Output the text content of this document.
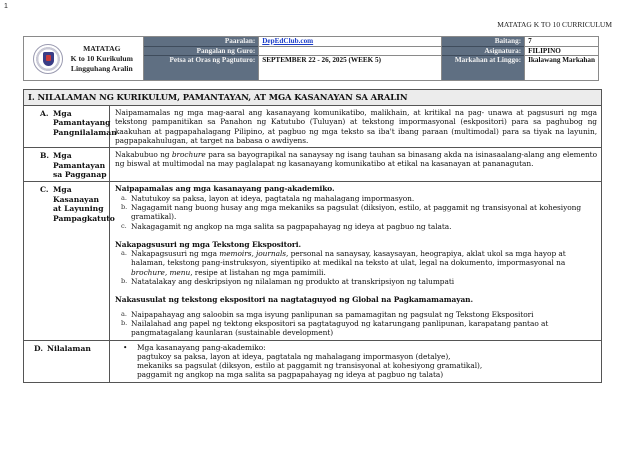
1
MATATAG K TO 10 CURRICULUM
MATATAG
K to 10 Kurikulum
Lingguhang Aralin
Paaralan:
Pangalan ng Guro:
Petsa at Oras ng Pagtuturo:
DepEdClub.com
SEPTEMBER 22 - 26, 2025 (WEEK 5)
Baitang:
Asignatura:
Markahan at Linggo:
7
FILIPINO
Ikalawang Markahan
I. NILALAMAN NG KURIKULUM, PAMANTAYAN, AT MGA KASANAYAN SA ARALIN
A. Mga Pamantayang Pangnilalaman
Naipamamalas ng mga mag-aaral ang kasanayang komunikatibo, malikhain, at kritikal na pag- unawa at pagsusuri ng mga tekstong pampanitikan sa Panahon ng Katutubo (Tuluyan) at tekstong impormasyonal (eskpositori) para sa paghubog ng kaakuhan at pagpapahalagang Pilipino, at pagbuo ng mga teksto sa iba't ibang paraan (multimodal) para sa tiyak na layunin, pagpapakahulugan, at target na babasa o awdiyens.
B. Mga Pamantayan sa Pagganap
Nakabubuo ng brochure para sa bayograpikal na sanaysay ng isang tauhan sa binasang akda na isinasaalang-alang ang elemento ng biswal at multimodal na may paglalapat ng kasanayang komunikatibo at etikal na kasanayan at pananagutan.
C. Mga Kasanayan at Layuning Pampagkatuto
Naipapamalas ang mga kasanayang pang-akademiko.
a. Natutukoy sa paksa, layon at ideya, pagtatala ng mahalagang impormasyon.
b. Nagagamit nang buong husay ang mga mekaniks sa pagsulat (diksiyon, estilo, at paggamit ng transisyonal at kohesiyong gramatikal).
c. Nakagagamit ng angkop na mga salita sa pagpapahayag ng ideya at pagbuo ng talata.
Nakapagsusuri ng mga Tekstong Ekspositori.
a. Nakapagsusuri ng mga memoirs, journals, personal na sanaysay, kasaysayan, heograpiya, aklat ukol sa mga hayop at halaman, tekstong pang-instruksyon, siyentipiko at medikal na teksto at ulat, legal na dokumento, impormasyonal na brochure, menu, resipe at listahan ng mga pamimili.
b. Natatalakay ang deskripsiyon ng nilalaman ng produkto at transkripsiyon ng talumpati
Nakasusulat ng tekstong ekspositori na nagtataguyod ng Global na Pagkamamamayan.
a. Naipapahayag ang saloobin sa mga isyung panlipunan sa pamamagitan ng pagsulat ng Tekstong Ekspositori
b. Nailalahad ang papel ng tektong ekspositori sa pagtataguyod ng katarungang panlipunan, karapatang pantao at pangmatagalang kaunlaran (sustainable development)
D. Nilalaman	•	Mga kasanayang pang-akademiko:
pagtukoy sa paksa, layon at ideya, pagtatala ng mahalagang impormasyon (detalye),
mekaniks sa pagsulat (diksyon, estilo at paggamit ng transisyonal at kohesiyong gramatikal),
paggamit ng angkop na mga salita sa pagpapahayag ng ideya at pagbuo ng talata)
